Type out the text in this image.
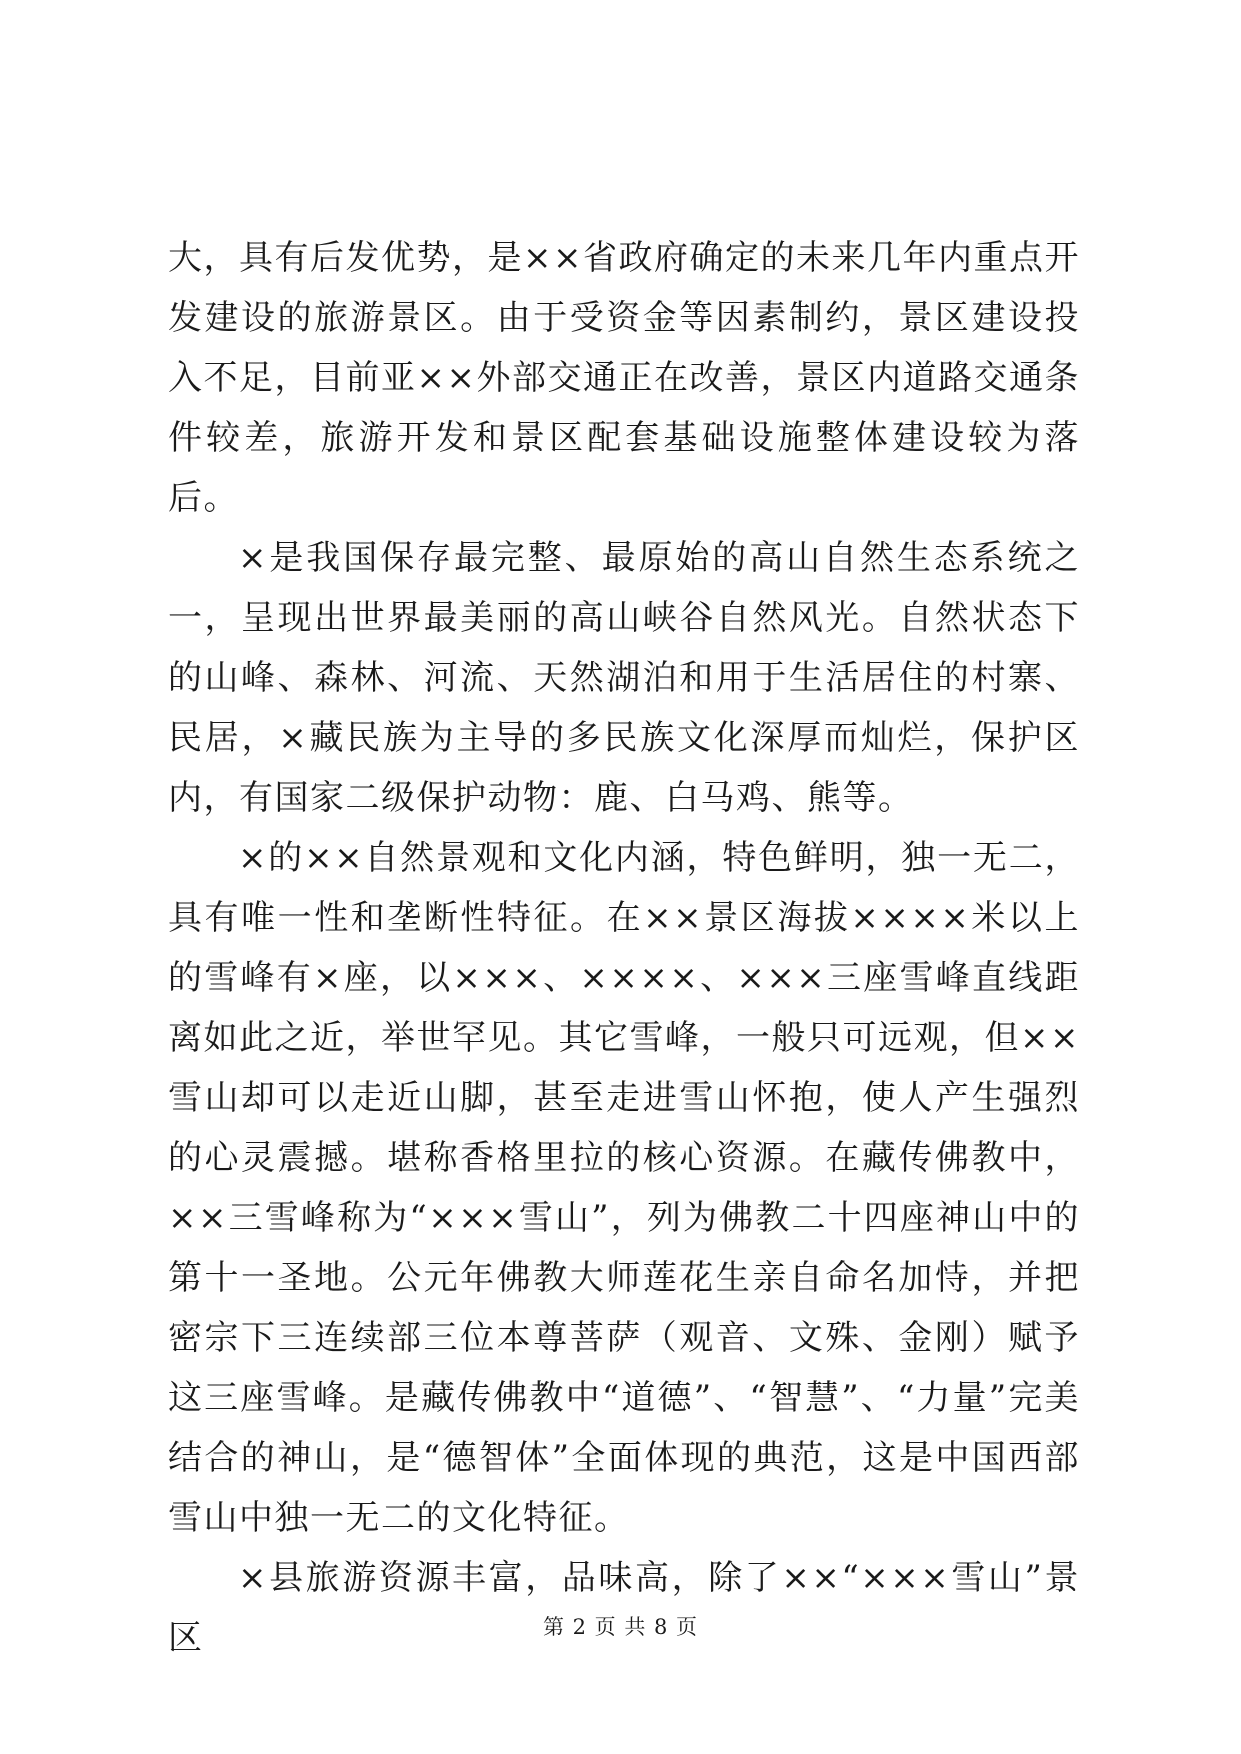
大，具有后发优势，是××省政府确定的未来几年内重点开发建设的旅游景区。由于受资金等因素制约，景区建设投入不足，目前亚××外部交通正在改善，景区内道路交通条件较差，旅游开发和景区配套基础设施整体建设较为落后。

×是我国保存最完整、最原始的高山自然生态系统之一，呈现出世界最美丽的高山峡谷自然风光。自然状态下的山峰、森林、河流、天然湖泊和用于生活居住的村寨、民居，×藏民族为主导的多民族文化深厚而灿烂，保护区内，有国家二级保护动物：鹿、白马鸡、熊等。

×的××自然景观和文化内涵，特色鲜明，独一无二，具有唯一性和垄断性特征。在××景区海拔××××米以上的雪峰有×座，以×××、××××、×××三座雪峰直线距离如此之近，举世罕见。其它雪峰，一般只可远观，但××雪山却可以走近山脚，甚至走进雪山怀抱，使人产生强烈的心灵震撼。堪称香格里拉的核心资源。在藏传佛教中，××三雪峰称为“×××雪山”，列为佛教二十四座神山中的第十一圣地。公元年佛教大师莲花生亲自命名加恃，并把密宗下三连续部三位本尊菩萨（观音、文殊、金刚）赋予这三座雪峰。是藏传佛教中“道德”、“智慧”、“力量”完美结合的神山，是“德智体”全面体现的典范，这是中国西部雪山中独一无二的文化特征。

×县旅游资源丰富，品味高，除了××“×××雪山”景区	第 2 页 共 8 页
